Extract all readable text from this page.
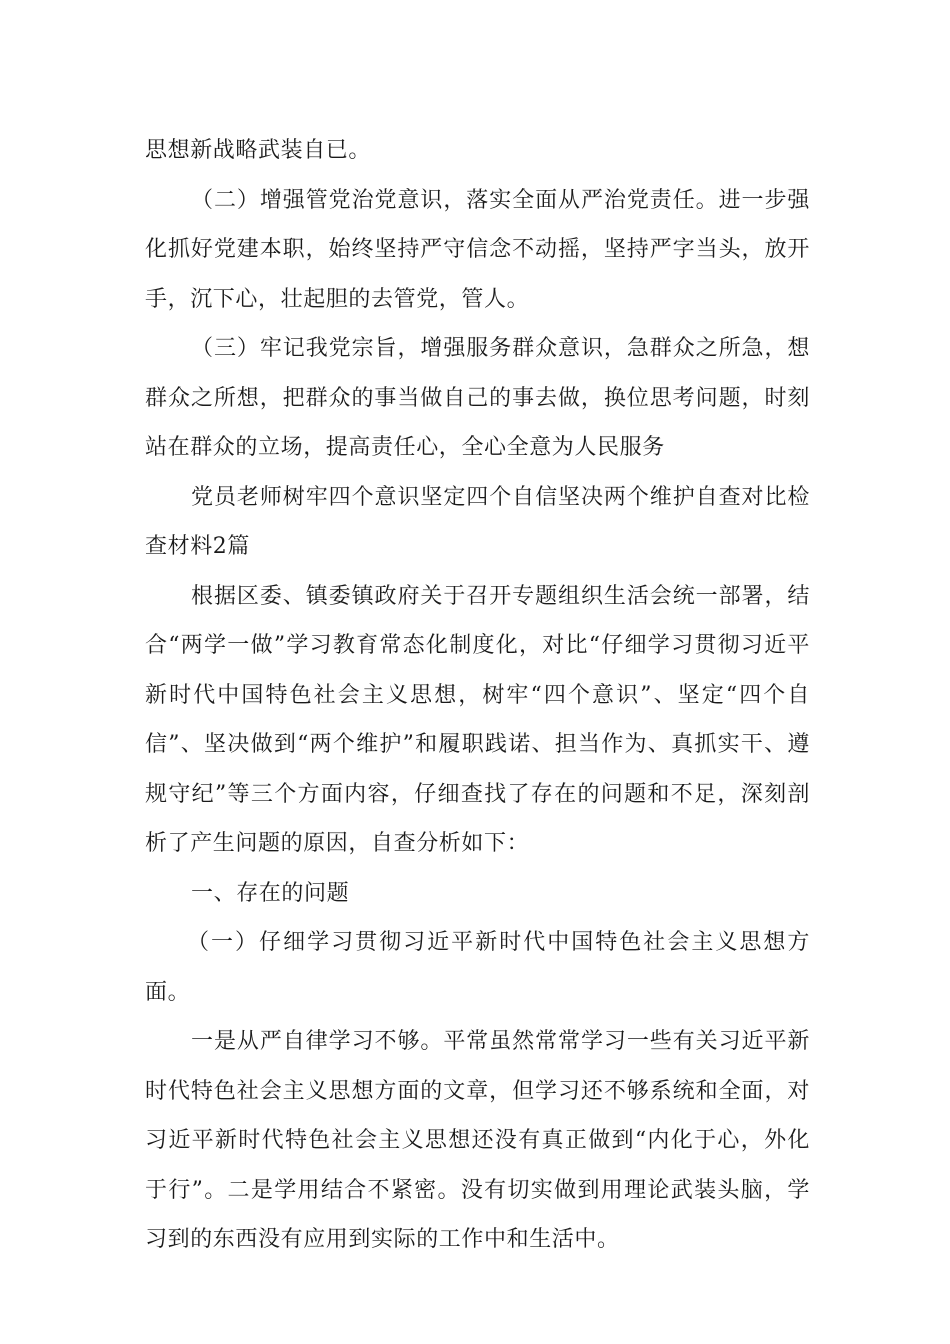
思想新战略武装自已。

（二）增强管党治党意识，落实全面从严治党责任。进一步强化抓好党建本职，始终坚持严守信念不动摇，坚持严字当头，放开手，沉下心，壮起胆的去管党，管人。

（三）牢记我党宗旨，增强服务群众意识，急群众之所急，想群众之所想，把群众的事当做自己的事去做，换位思考问题，时刻站在群众的立场，提高责任心，全心全意为人民服务

党员老师树牢四个意识坚定四个自信坚决两个维护自查对比检查材料2篇

根据区委、镇委镇政府关于召开专题组织生活会统一部署，结合“两学一做”学习教育常态化制度化，对比“仔细学习贯彻习近平新时代中国特色社会主义思想，树牢“四个意识”、坚定“四个自信”、坚决做到“两个维护”和履职践诺、担当作为、真抓实干、遵规守纪”等三个方面内容，仔细查找了存在的问题和不足，深刻剖析了产生问题的原因，自查分析如下：

一、存在的问题

（一）仔细学习贯彻习近平新时代中国特色社会主义思想方面。

一是从严自律学习不够。平常虽然常常学习一些有关习近平新时代特色社会主义思想方面的文章，但学习还不够系统和全面，对习近平新时代特色社会主义思想还没有真正做到“内化于心，外化于行”。二是学用结合不紧密。没有切实做到用理论武装头脑，学习到的东西没有应用到实际的工作中和生活中。
